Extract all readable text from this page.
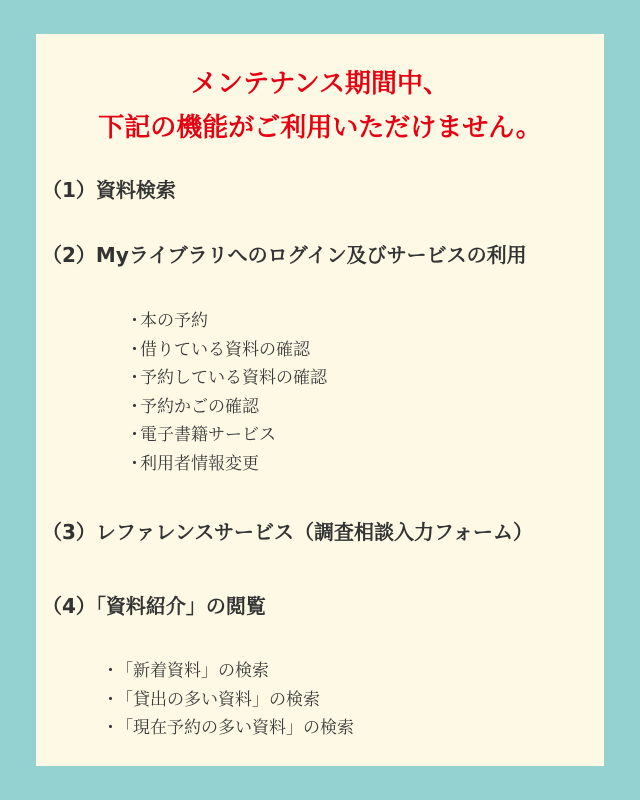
メンテナンス期間中、
下記の機能がご利用いただけません。
（1）資料検索
（2）Myライブラリへのログイン及びサービスの利用
・本の予約
・借りている資料の確認
・予約している資料の確認
・予約かごの確認
・電子書籍サービス
・利用者情報変更
（3）レファレンスサービス（調査相談入力フォーム）
（4）「資料紹介」の閲覧
・「新着資料」の検索
・「貸出の多い資料」の検索
・「現在予約の多い資料」の検索
